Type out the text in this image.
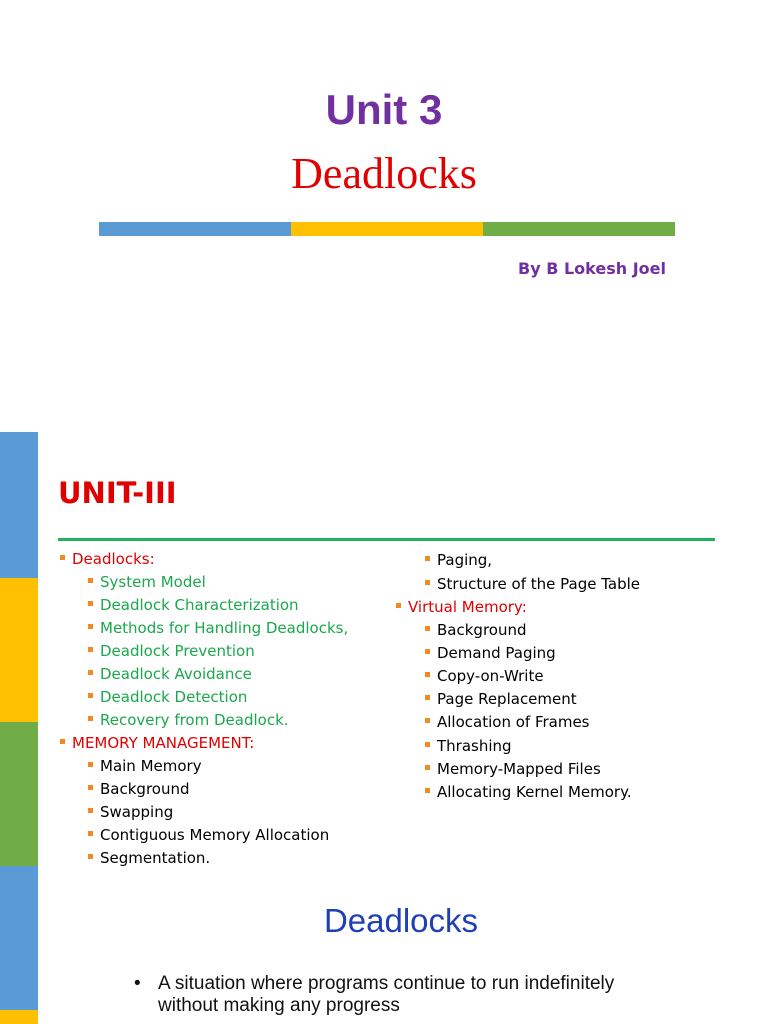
Unit 3
Deadlocks
By B Lokesh Joel
UNIT-III
Deadlocks:
System Model
Deadlock Characterization
Methods for Handling Deadlocks,
Deadlock Prevention
Deadlock Avoidance
Deadlock Detection
Recovery from Deadlock.
MEMORY MANAGEMENT:
Main Memory
Background
Swapping
Contiguous Memory Allocation
Segmentation.
Paging,
Structure of the Page Table
Virtual Memory:
Background
Demand Paging
Copy-on-Write
Page Replacement
Allocation of Frames
Thrashing
Memory-Mapped Files
Allocating Kernel Memory.
Deadlocks
• A situation where programs continue to run indefinitely without making any progress
